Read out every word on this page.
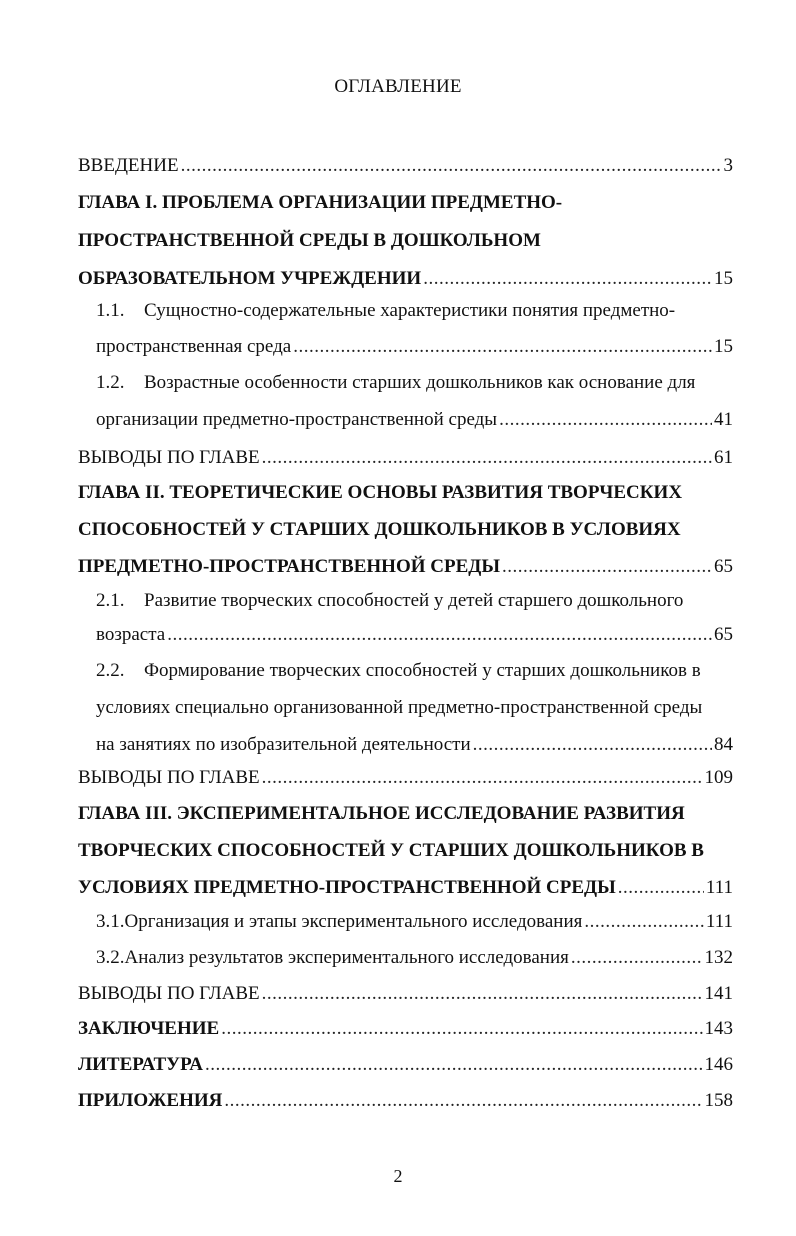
ОГЛАВЛЕНИЕ
ВВЕДЕНИЕ .....	3
ГЛАВА I. ПРОБЛЕМА ОРГАНИЗАЦИИ ПРЕДМЕТНО-
ПРОСТРАНСТВЕННОЙ СРЕДЫ В ДОШКОЛЬНОМ
ОБРАЗОВАТЕЛЬНОМ УЧРЕЖДЕНИИ .....	15
1.1. Сущностно-содержательные характеристики понятия предметно-
пространственная среда .....	15
1.2. Возрастные особенности старших дошкольников как основание для
организации предметно-пространственной среды .....	41
ВЫВОДЫ ПО ГЛАВЕ .....	61
ГЛАВА II. ТЕОРЕТИЧЕСКИЕ ОСНОВЫ РАЗВИТИЯ ТВОРЧЕСКИХ
СПОСОБНОСТЕЙ У СТАРШИХ ДОШКОЛЬНИКОВ В УСЛОВИЯХ
ПРЕДМЕТНО-ПРОСТРАНСТВЕННОЙ СРЕДЫ .....	65
2.1. Развитие творческих способностей у детей старшего дошкольного
возраста .....	65
2.2. Формирование творческих способностей у старших дошкольников в
условиях специально организованной предметно-пространственной среды
на занятиях по изобразительной деятельности .....	84
ВЫВОДЫ ПО ГЛАВЕ .....	109
ГЛАВА III. ЭКСПЕРИМЕНТАЛЬНОЕ ИССЛЕДОВАНИЕ РАЗВИТИЯ
ТВОРЧЕСКИХ СПОСОБНОСТЕЙ У СТАРШИХ ДОШКОЛЬНИКОВ В
УСЛОВИЯХ ПРЕДМЕТНО-ПРОСТРАНСТВЕННОЙ СРЕДЫ .....	111
3.1. Организация и этапы экспериментального исследования .....	111
3.2. Анализ результатов экспериментального исследования .....	132
ВЫВОДЫ ПО ГЛАВЕ .....	141
ЗАКЛЮЧЕНИЕ .....	143
ЛИТЕРАТУРА .....	146
ПРИЛОЖЕНИЯ .....	158
2
